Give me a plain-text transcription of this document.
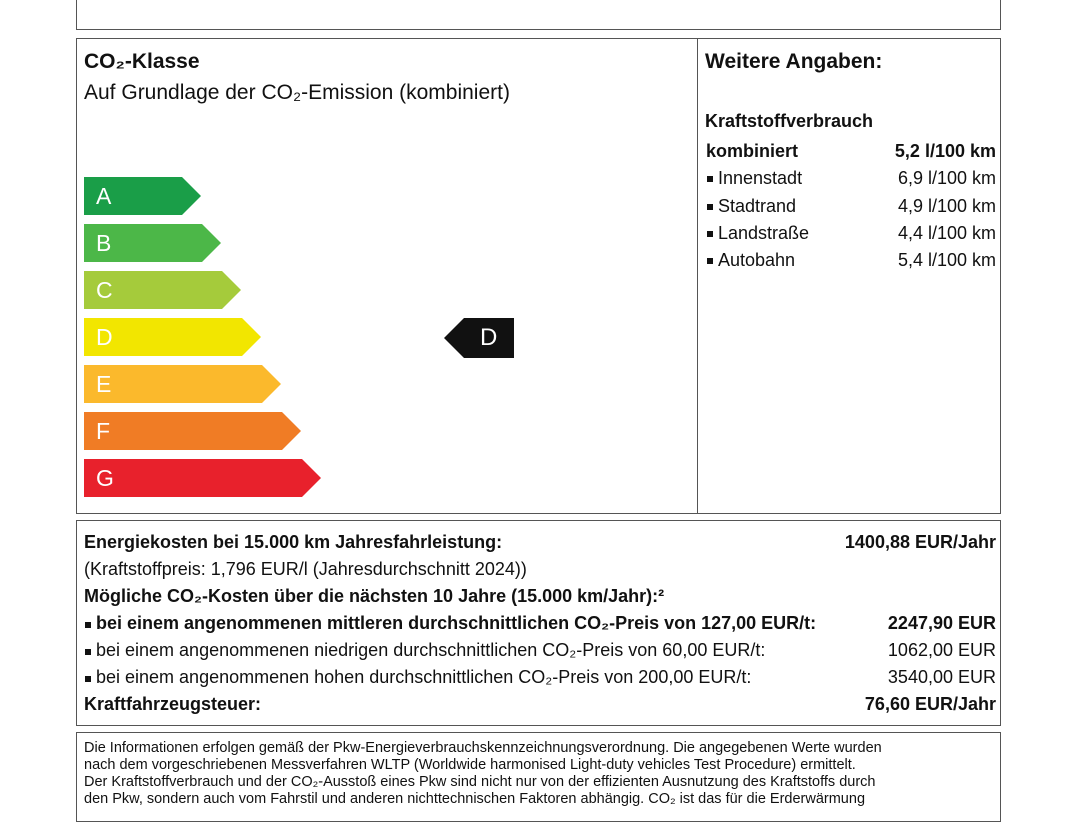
CO₂-Klasse
Auf Grundlage der CO₂-Emission (kombiniert)
A
B
C
D
E
F
G
D
Weitere Angaben:
Kraftstoffverbrauch
kombiniert	5,2 l/100 km
Innenstadt	6,9 l/100 km
Stadtrand	4,9 l/100 km
Landstraße	4,4 l/100 km
Autobahn	5,4 l/100 km
Energiekosten bei 15.000 km Jahresfahrleistung:	1400,88 EUR/Jahr
(Kraftstoffpreis: 1,796 EUR/l (Jahresdurchschnitt 2024))
Mögliche CO₂-Kosten über die nächsten 10 Jahre (15.000 km/Jahr):²
bei einem angenommenen mittleren durchschnittlichen CO₂-Preis von 127,00 EUR/t:	2247,90 EUR
bei einem angenommenen niedrigen durchschnittlichen CO₂-Preis von 60,00 EUR/t:	1062,00 EUR
bei einem angenommenen hohen durchschnittlichen CO₂-Preis von 200,00 EUR/t:	3540,00 EUR
Kraftfahrzeugsteuer:	76,60 EUR/Jahr
Die Informationen erfolgen gemäß der Pkw-Energieverbrauchskennzeichnungsverordnung. Die angegebenen Werte wurden
nach dem vorgeschriebenen Messverfahren WLTP (Worldwide harmonised Light-duty vehicles Test Procedure) ermittelt.
Der Kraftstoffverbrauch und der CO₂-Ausstoß eines Pkw sind nicht nur von der effizienten Ausnutzung des Kraftstoffs durch
den Pkw, sondern auch vom Fahrstil und anderen nichttechnischen Faktoren abhängig. CO₂ ist das für die Erderwärmung
